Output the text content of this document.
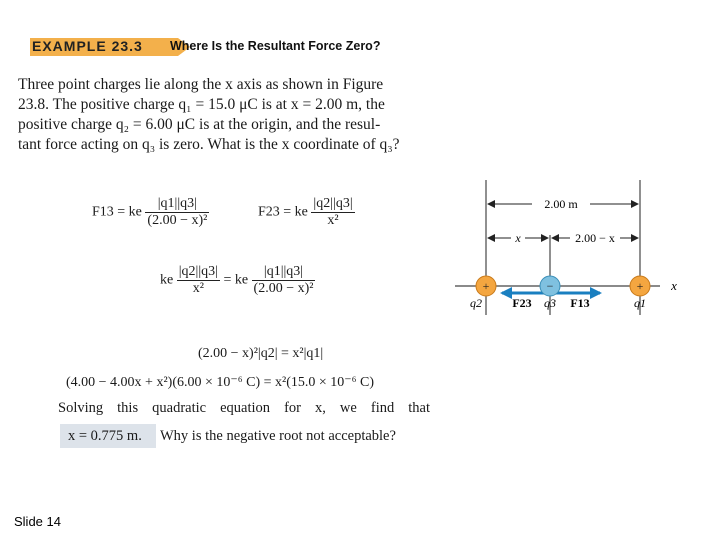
EXAMPLE 23.3 Where Is the Resultant Force Zero?

Three point charges lie along the x axis as shown in Figure

23.8. The positive charge q₁ = 15.0 μC is at x = 2.00 m, the

positive charge q₂ = 6.00 μC is at the origin, and the resul-

tant force acting on q₃ is zero. What is the x coordinate of q₃?

F13 = ke $\frac{|q1||q3|}{\text{(2.00 − x)²}}$	F23 = ke $\frac{|q2||q3|}{\text{x²}}$
ke $\frac{|q2||q3|}{\text{x²}}$ = ke $\frac{|q1||q3|}{\text{(2.00 − x)²}}$
(2.00 − x)²|q2| = x²|q1|
(4.00 − 4.00x + x²)(6.00 × 10⁻⁶ C) = x²(15.0 × 10⁻⁶ C)
Solving this quadratic equation for x, we find that
x = 0.775 m. Why is the negative root not acceptable?
2.00 m
x	2.00 − x
x
+	−	+
q2	F23 q3 F13	q1
Slide 14
